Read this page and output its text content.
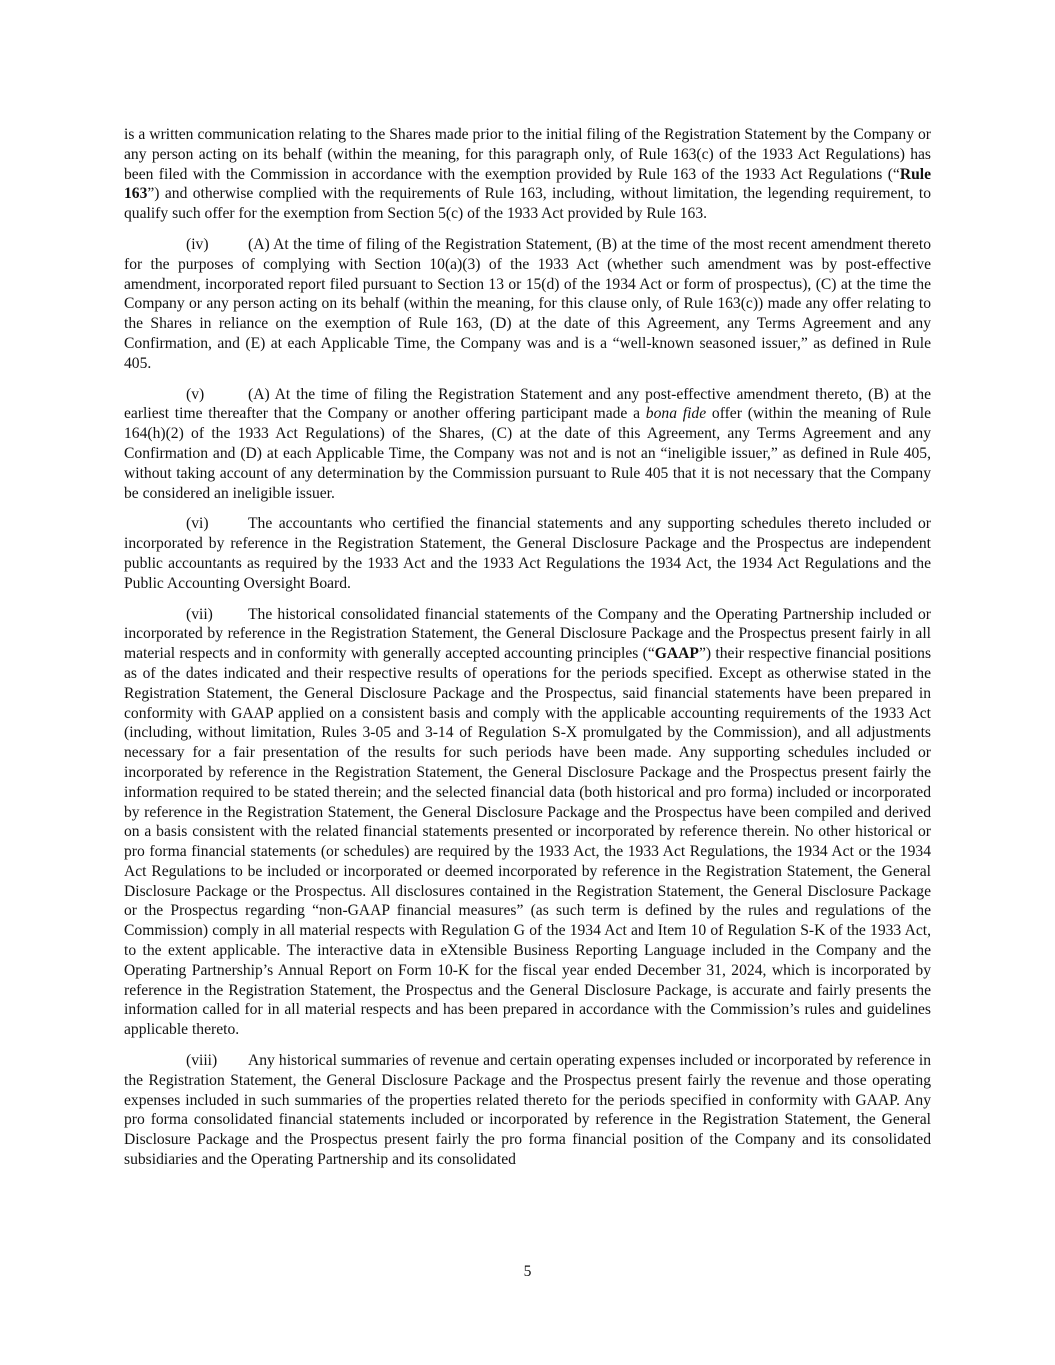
is a written communication relating to the Shares made prior to the initial filing of the Registration Statement by the Company or any person acting on its behalf (within the meaning, for this paragraph only, of Rule 163(c) of the 1933 Act Regulations) has been filed with the Commission in accordance with the exemption provided by Rule 163 of the 1933 Act Regulations (“Rule 163”) and otherwise complied with the requirements of Rule 163, including, without limitation, the legending requirement, to qualify such offer for the exemption from Section 5(c) of the 1933 Act provided by Rule 163.

(iv)	(A) At the time of filing of the Registration Statement, (B) at the time of the most recent amendment thereto for the purposes of complying with Section 10(a)(3) of the 1933 Act (whether such amendment was by post-effective amendment, incorporated report filed pursuant to Section 13 or 15(d) of the 1934 Act or form of prospectus), (C) at the time the Company or any person acting on its behalf (within the meaning, for this clause only, of Rule 163(c)) made any offer relating to the Shares in reliance on the exemption of Rule 163, (D) at the date of this Agreement, any Terms Agreement and any Confirmation, and (E) at each Applicable Time, the Company was and is a “well-known seasoned issuer,” as defined in Rule 405.

(v)	(A) At the time of filing the Registration Statement and any post-effective amendment thereto, (B) at the earliest time thereafter that the Company or another offering participant made a bona fide offer (within the meaning of Rule 164(h)(2) of the 1933 Act Regulations) of the Shares, (C) at the date of this Agreement, any Terms Agreement and any Confirmation and (D) at each Applicable Time, the Company was not and is not an “ineligible issuer,” as defined in Rule 405, without taking account of any determination by the Commission pursuant to Rule 405 that it is not necessary that the Company be considered an ineligible issuer.

(vi)	The accountants who certified the financial statements and any supporting schedules thereto included or incorporated by reference in the Registration Statement, the General Disclosure Package and the Prospectus are independent public accountants as required by the 1933 Act and the 1933 Act Regulations the 1934 Act, the 1934 Act Regulations and the Public Accounting Oversight Board.

(vii) The historical consolidated financial statements of the Company and the Operating Partnership included or incorporated by reference in the Registration Statement, the General Disclosure Package and the Prospectus present fairly in all material respects and in conformity with generally accepted accounting principles (“GAAP”) their respective financial positions as of the dates indicated and their respective results of operations for the periods specified. Except as otherwise stated in the Registration Statement, the General Disclosure Package and the Prospectus, said financial statements have been prepared in conformity with GAAP applied on a consistent basis and comply with the applicable accounting requirements of the 1933 Act (including, without limitation, Rules 3-05 and 3-14 of Regulation S-X promulgated by the Commission), and all adjustments necessary for a fair presentation of the results for such periods have been made. Any supporting schedules included or incorporated by reference in the Registration Statement, the General Disclosure Package and the Prospectus present fairly the information required to be stated therein; and the selected financial data (both historical and pro forma) included or incorporated by reference in the Registration Statement, the General Disclosure Package and the Prospectus have been compiled and derived on a basis consistent with the related financial statements presented or incorporated by reference therein. No other historical or pro forma financial statements (or schedules) are required by the 1933 Act, the 1933 Act Regulations, the 1934 Act or the 1934 Act Regulations to be included or incorporated or deemed incorporated by reference in the Registration Statement, the General Disclosure Package or the Prospectus. All disclosures contained in the Registration Statement, the General Disclosure Package or the Prospectus regarding “non-GAAP financial measures” (as such term is defined by the rules and regulations of the Commission) comply in all material respects with Regulation G of the 1934 Act and Item 10 of Regulation S-K of the 1933 Act, to the extent applicable. The interactive data in eXtensible Business Reporting Language included in the Company and the Operating Partnership’s Annual Report on Form 10-K for the fiscal year ended December 31, 2024, which is incorporated by reference in the Registration Statement, the Prospectus and the General Disclosure Package, is accurate and fairly presents the information called for in all material respects and has been prepared in accordance with the Commission’s rules and guidelines applicable thereto.

(viii) Any historical summaries of revenue and certain operating expenses included or incorporated by reference in the Registration Statement, the General Disclosure Package and the Prospectus present fairly the revenue and those operating expenses included in such summaries of the properties related thereto for the periods specified in conformity with GAAP. Any pro forma consolidated financial statements included or incorporated by reference in the Registration Statement, the General Disclosure Package and the Prospectus present fairly the pro forma financial position of the Company and its consolidated subsidiaries and the Operating Partnership and its consolidated

5
